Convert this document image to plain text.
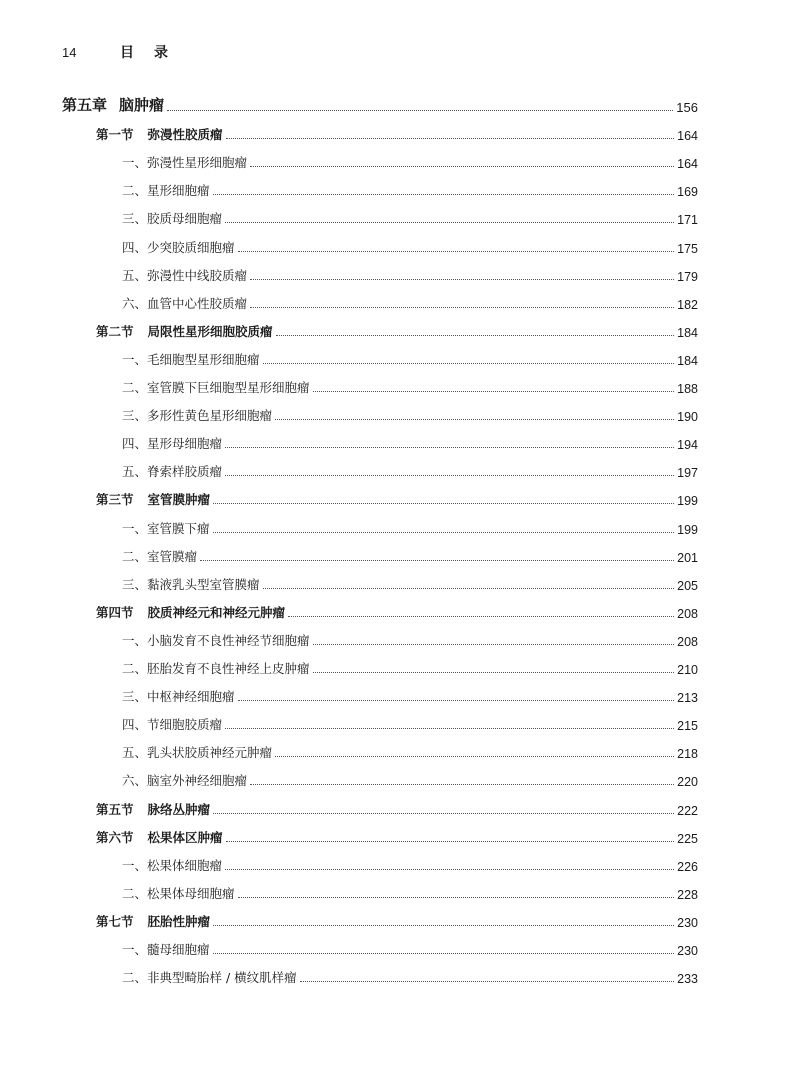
14	目录
第五章 脑肿瘤	156
第一节 弥漫性胶质瘤	164
一、弥漫性星形细胞瘤	164
二、星形细胞瘤	169
三、胶质母细胞瘤	171
四、少突胶质细胞瘤	175
五、弥漫性中线胶质瘤	179
六、血管中心性胶质瘤	182
第二节 局限性星形细胞胶质瘤	184
一、毛细胞型星形细胞瘤	184
二、室管膜下巨细胞型星形细胞瘤	188
三、多形性黄色星形细胞瘤	190
四、星形母细胞瘤	194
五、脊索样胶质瘤	197
第三节 室管膜肿瘤	199
一、室管膜下瘤	199
二、室管膜瘤	201
三、黏液乳头型室管膜瘤	205
第四节 胶质神经元和神经元肿瘤	208
一、小脑发育不良性神经节细胞瘤	208
二、胚胎发育不良性神经上皮肿瘤	210
三、中枢神经细胞瘤	213
四、节细胞胶质瘤	215
五、乳头状胶质神经元肿瘤	218
六、脑室外神经细胞瘤	220
第五节 脉络丛肿瘤	222
第六节 松果体区肿瘤	225
一、松果体细胞瘤	226
二、松果体母细胞瘤	228
第七节 胚胎性肿瘤	230
一、髓母细胞瘤	230
二、非典型畸胎样 / 横纹肌样瘤	233
